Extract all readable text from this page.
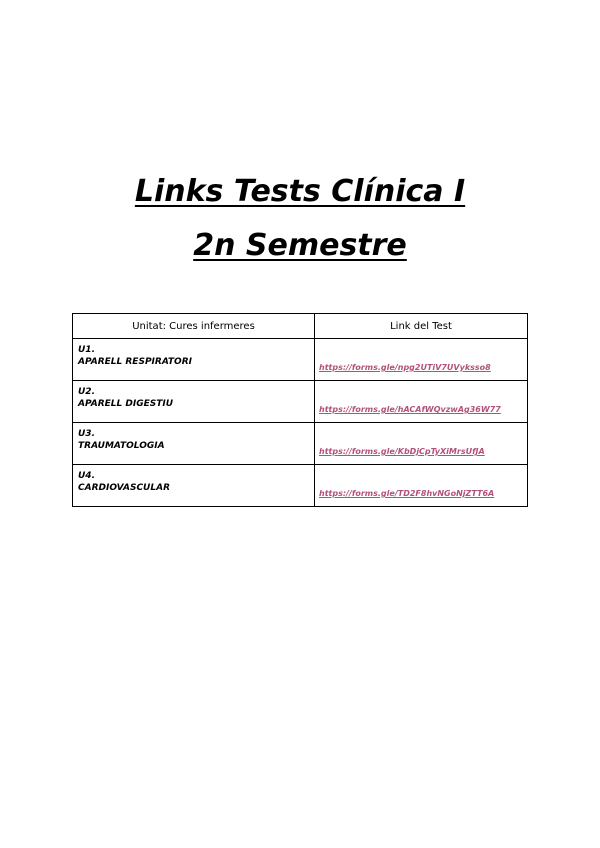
Links Tests Clínica I
2n Semestre
Unitat: Cures infermeres	Link del Test

U1.
APARELL RESPIRATORI	https://forms.gle/npg2UTiV7UVyksso8

U2.
APARELL DIGESTIU	https://forms.gle/hACAfWQvzwAg36W77

U3.
TRAUMATOLOGIA	https://forms.gle/KbDjCpTyXiMrsUfJA

U4.
CARDIOVASCULAR	https://forms.gle/TD2F8hvNGoNjZTT6A
